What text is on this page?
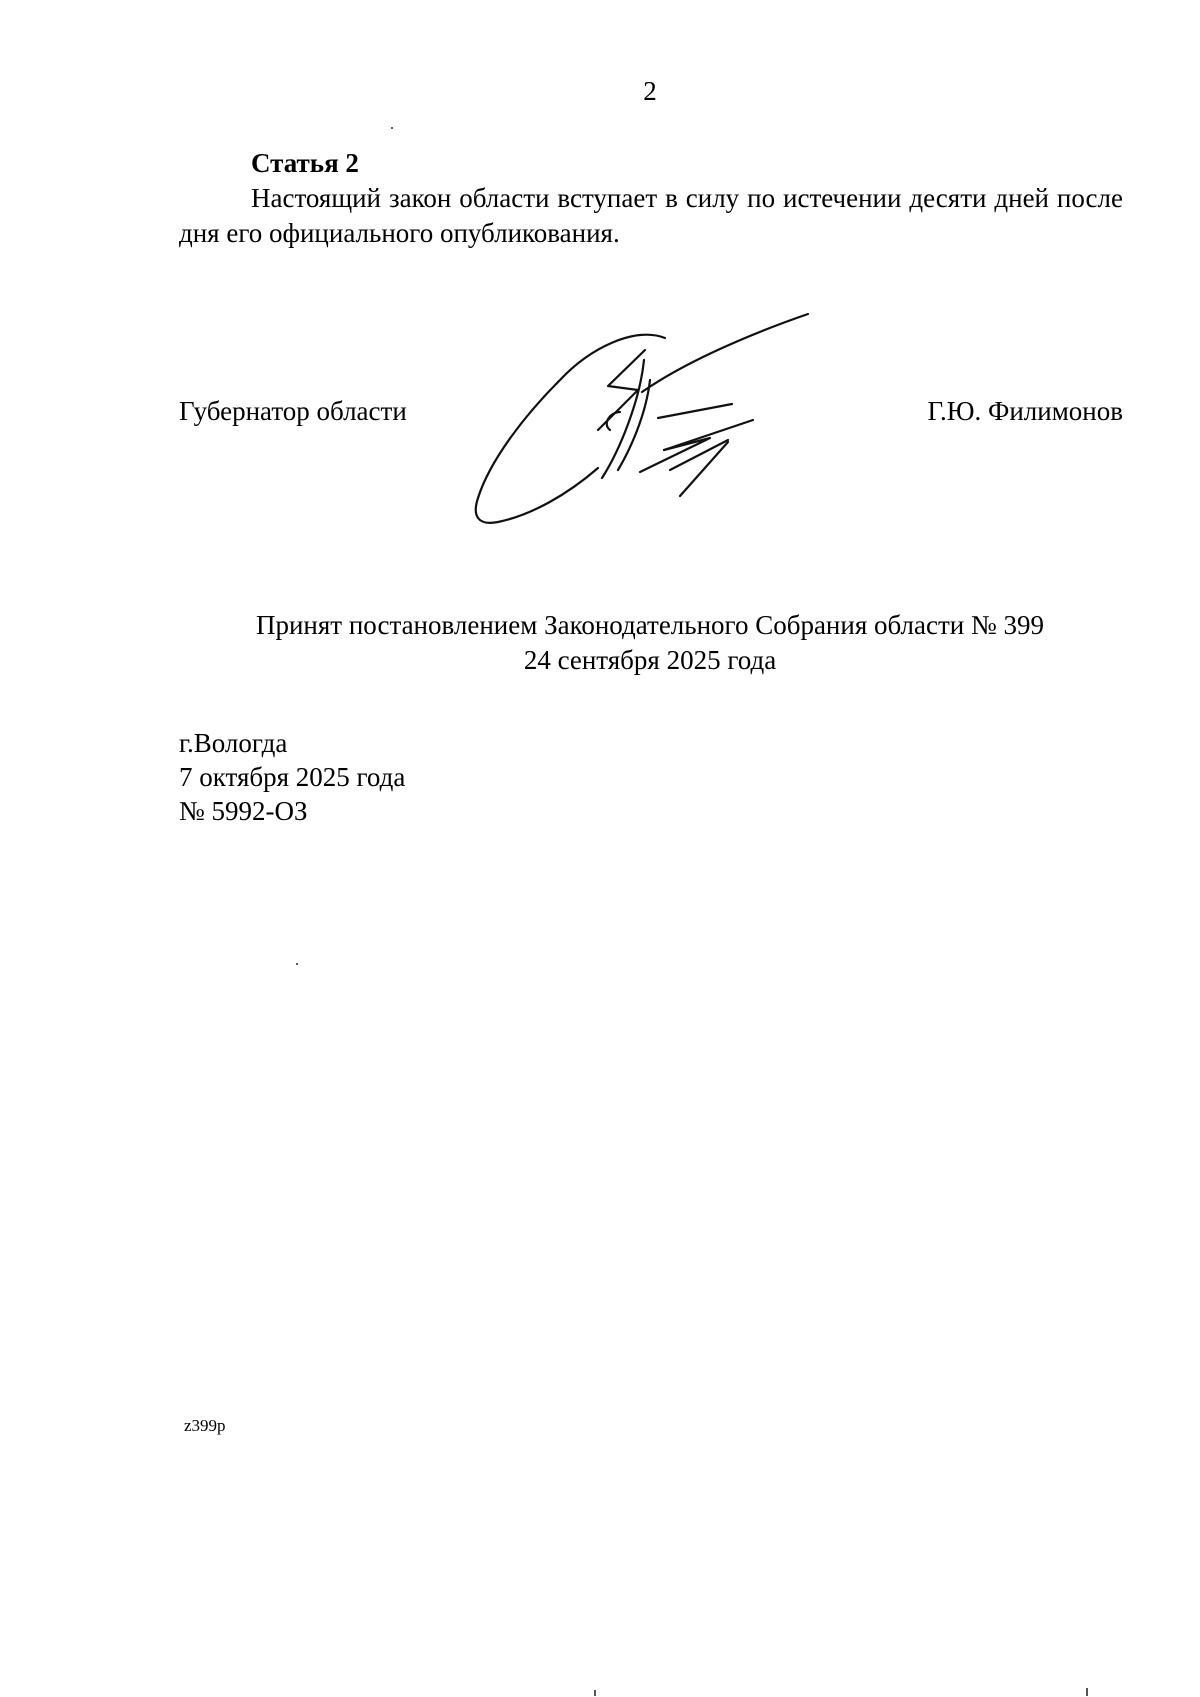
2
Статья 2
Настоящий закон области вступает в силу по истечении десяти дней после дня его официального опубликования.
Губернатор области	Г.Ю. Филимонов
Принят постановлением Законодательного Собрания области № 399
24 сентября 2025 года
г.Вологда
7 октября 2025 года
№ 5992-ОЗ
z399p
